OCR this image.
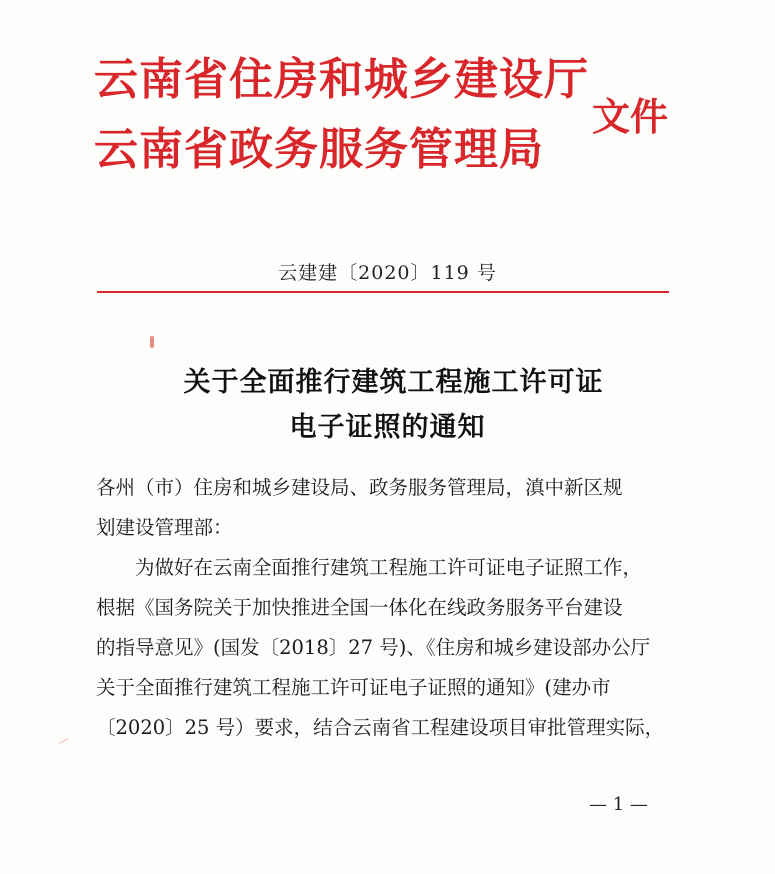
云南省住房和城乡建设厅
云南省政务服务管理局
文件
云建建〔2020〕119 号
关于全面推行建筑工程施工许可证
电子证照的通知
各州（市）住房和城乡建设局、政务服务管理局，滇中新区规
划建设管理部：
　　为做好在云南全面推行建筑工程施工许可证电子证照工作，
根据《国务院关于加快推进全国一体化在线政务服务平台建设
的指导意见》(国发〔2018〕27 号)、《住房和城乡建设部办公厅
关于全面推行建筑工程施工许可证电子证照的通知》(建办市
〔2020〕25 号）要求，结合云南省工程建设项目审批管理实际，
— 1 —
